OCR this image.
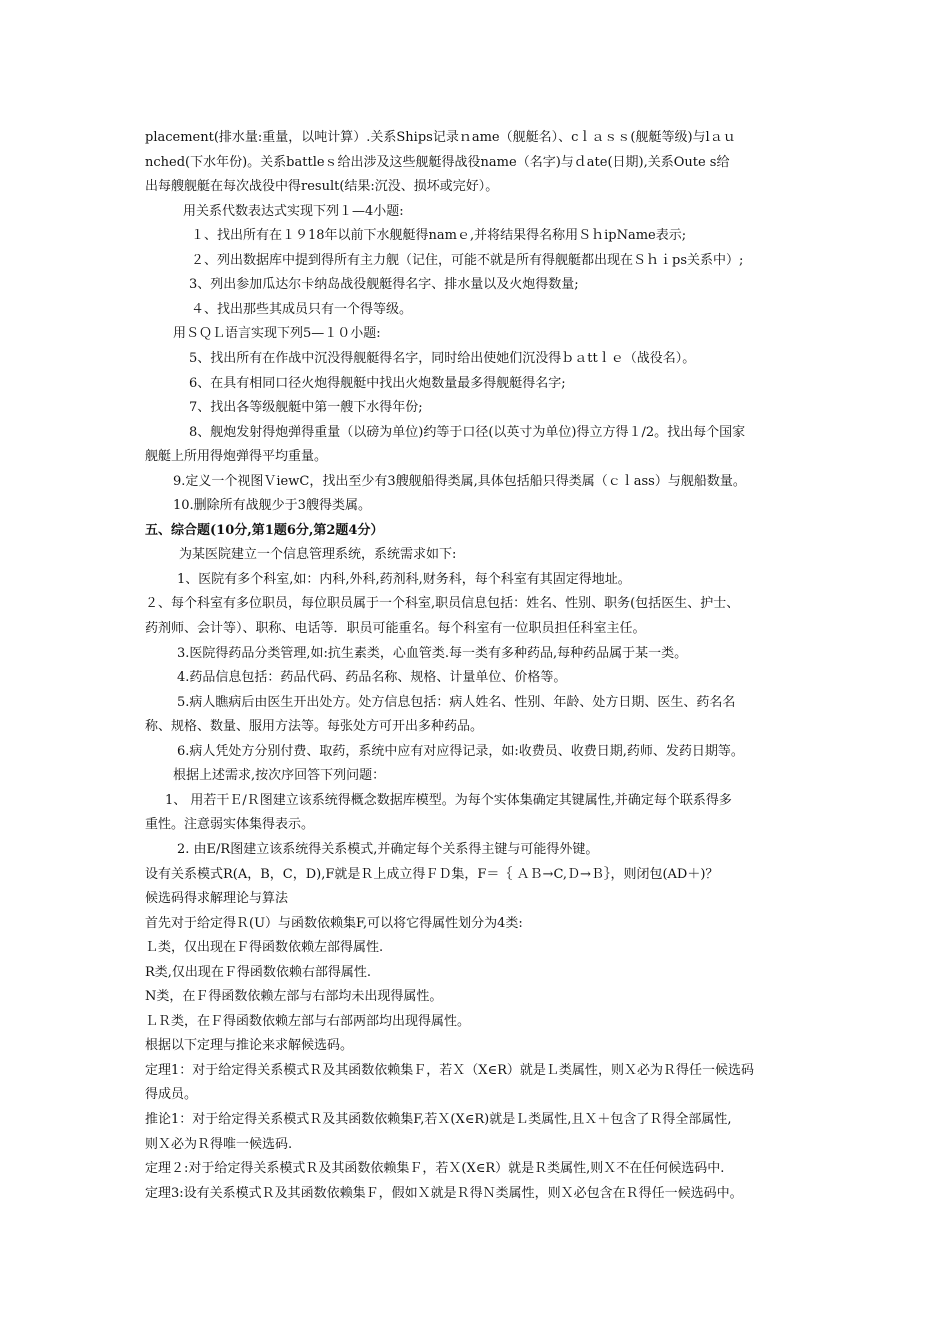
placement(排水量:重量，以吨计算）.关系Ships记录ｎame（舰艇名）、cｌａｓｓ(舰艇等级)与lａｕ
nched(下水年份)。关系battleｓ给出涉及这些舰艇得战役name（名字)与ｄate(日期),关系Oute s给
出每艘舰艇在每次战役中得result(结果:沉没、损坏或完好）。
用关系代数表达式实现下列１—4小题:
１、找出所有在１９18年以前下水舰艇得namｅ,并将结果得名称用ＳｈipName表示;
２、列出数据库中提到得所有主力舰（记住，可能不就是所有得舰艇都出现在Ｓｈｉps关系中）;
3、列出参加瓜达尔卡纳岛战役舰艇得名字、排水量以及火炮得数量;
４、找出那些其成员只有一个得等级。
用ＳＱＬ语言实现下列5—１０小题:
5、找出所有在作战中沉没得舰艇得名字，同时给出使她们沉没得ｂａttｌｅ（战役名）。
6、在具有相同口径火炮得舰艇中找出火炮数量最多得舰艇得名字;
7、找出各等级舰艇中第一艘下水得年份;
8、舰炮发射得炮弹得重量（以磅为单位)约等于口径(以英寸为单位)得立方得１/2。找出每个国家
舰艇上所用得炮弹得平均重量。
9.定义一个视图ＶiewC，找出至少有3艘舰船得类属,具体包括船只得类属（ｃｌass）与舰船数量。
10.删除所有战舰少于3艘得类属。
五、综合题(10分,第1题6分,第2题4分）
为某医院建立一个信息管理系统，系统需求如下:
1、医院有多个科室,如：内科,外科,药剂科,财务科，每个科室有其固定得地址。
２、每个科室有多位职员，每位职员属于一个科室,职员信息包括：姓名、性别、职务(包括医生、护士、
药剂师、会计等）、职称、电话等．职员可能重名。每个科室有一位职员担任科室主任。
3.医院得药品分类管理,如:抗生素类，心血管类.每一类有多种药品,每种药品属于某一类。
4.药品信息包括：药品代码、药品名称、规格、计量单位、价格等。
5.病人瞧病后由医生开出处方。处方信息包括：病人姓名、性别、年龄、处方日期、医生、药名名
称、规格、数量、服用方法等。每张处方可开出多种药品。
6.病人凭处方分别付费、取药，系统中应有对应得记录，如:收费员、收费日期,药师、发药日期等。
根据上述需求,按次序回答下列问题：
1、 用若干Ｅ/Ｒ图建立该系统得概念数据库模型。为每个实体集确定其键属性,并确定每个联系得多
重性。注意弱实体集得表示。
2. 由E/R图建立该系统得关系模式,并确定每个关系得主键与可能得外键。
设有关系模式R(A，B，C，D),F就是Ｒ上成立得ＦＤ集，F＝｛ ＡＢ→C,Ｄ→Ｂ｝，则闭包(AD＋)？
候选码得求解理论与算法
首先对于给定得Ｒ(U）与函数依赖集F,可以将它得属性划分为4类:
Ｌ类，仅出现在Ｆ得函数依赖左部得属性.
R类,仅出现在Ｆ得函数依赖右部得属性.
N类，在Ｆ得函数依赖左部与右部均未出现得属性。
ＬＲ类，在Ｆ得函数依赖左部与右部两部均出现得属性。
根据以下定理与推论来求解候选码。
定理1：对于给定得关系模式Ｒ及其函数依赖集Ｆ，若Ｘ（X∈R）就是Ｌ类属性，则Ｘ必为Ｒ得任一候选码
得成员。
推论1：对于给定得关系模式Ｒ及其函数依赖集F,若Ｘ(X∈R)就是Ｌ类属性,且Ｘ＋包含了Ｒ得全部属性,
则Ｘ必为Ｒ得唯一候选码.
定理２:对于给定得关系模式Ｒ及其函数依赖集Ｆ，若Ｘ(X∈R）就是Ｒ类属性,则Ｘ不在任何候选码中.
定理3:设有关系模式Ｒ及其函数依赖集Ｆ，假如Ｘ就是Ｒ得Ｎ类属性，则Ｘ必包含在Ｒ得任一候选码中。
